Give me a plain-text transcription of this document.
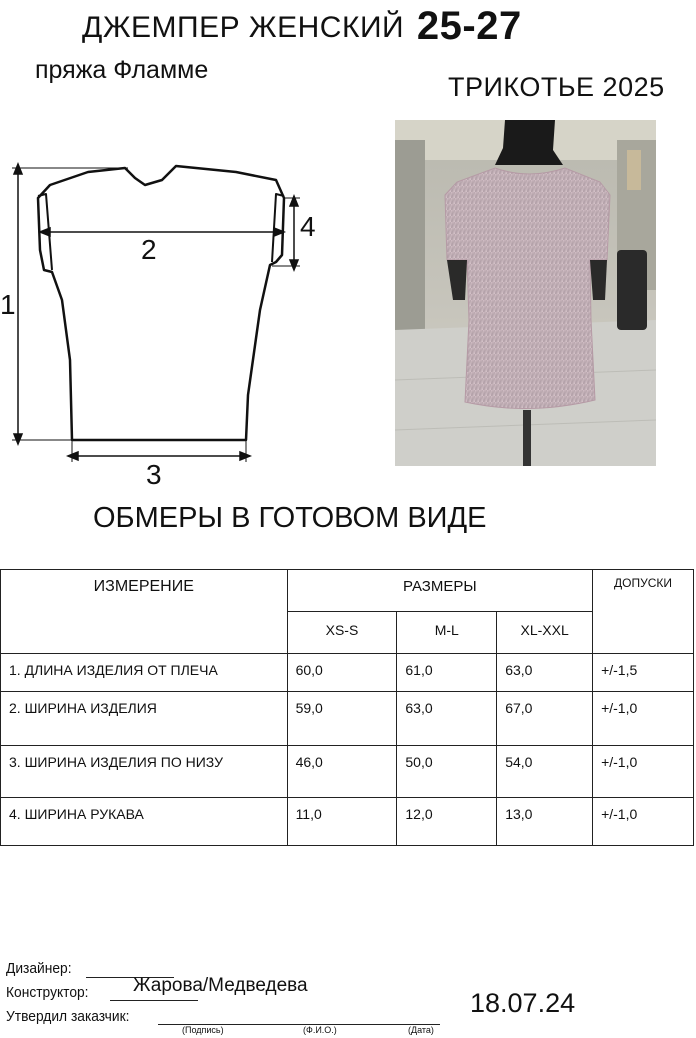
ДЖЕМПЕР ЖЕНСКИЙ 25-27
пряжа Фламме
ТРИКОТЬЕ 2025
1
2
3
4
ОБМЕРЫ В ГОТОВОМ ВИДЕ
ИЗМЕРЕНИЕ	РАЗМЕРЫ			ДОПУСКИ
	XS-S	M-L	XL-XXL	
1. ДЛИНА ИЗДЕЛИЯ ОТ ПЛЕЧА	60,0	61,0	63,0	+/-1,5
2. ШИРИНА ИЗДЕЛИЯ	59,0	63,0	67,0	+/-1,0
3. ШИРИНА ИЗДЕЛИЯ ПО НИЗУ	46,0	50,0	54,0	+/-1,0
4. ШИРИНА РУКАВА	11,0	12,0	13,0	+/-1,0
Дизайнер:
Конструктор: Жарова/Медведева
Утвердил заказчик:
(Подпись)	(Ф.И.О.)	(Дата)
18.07.24
